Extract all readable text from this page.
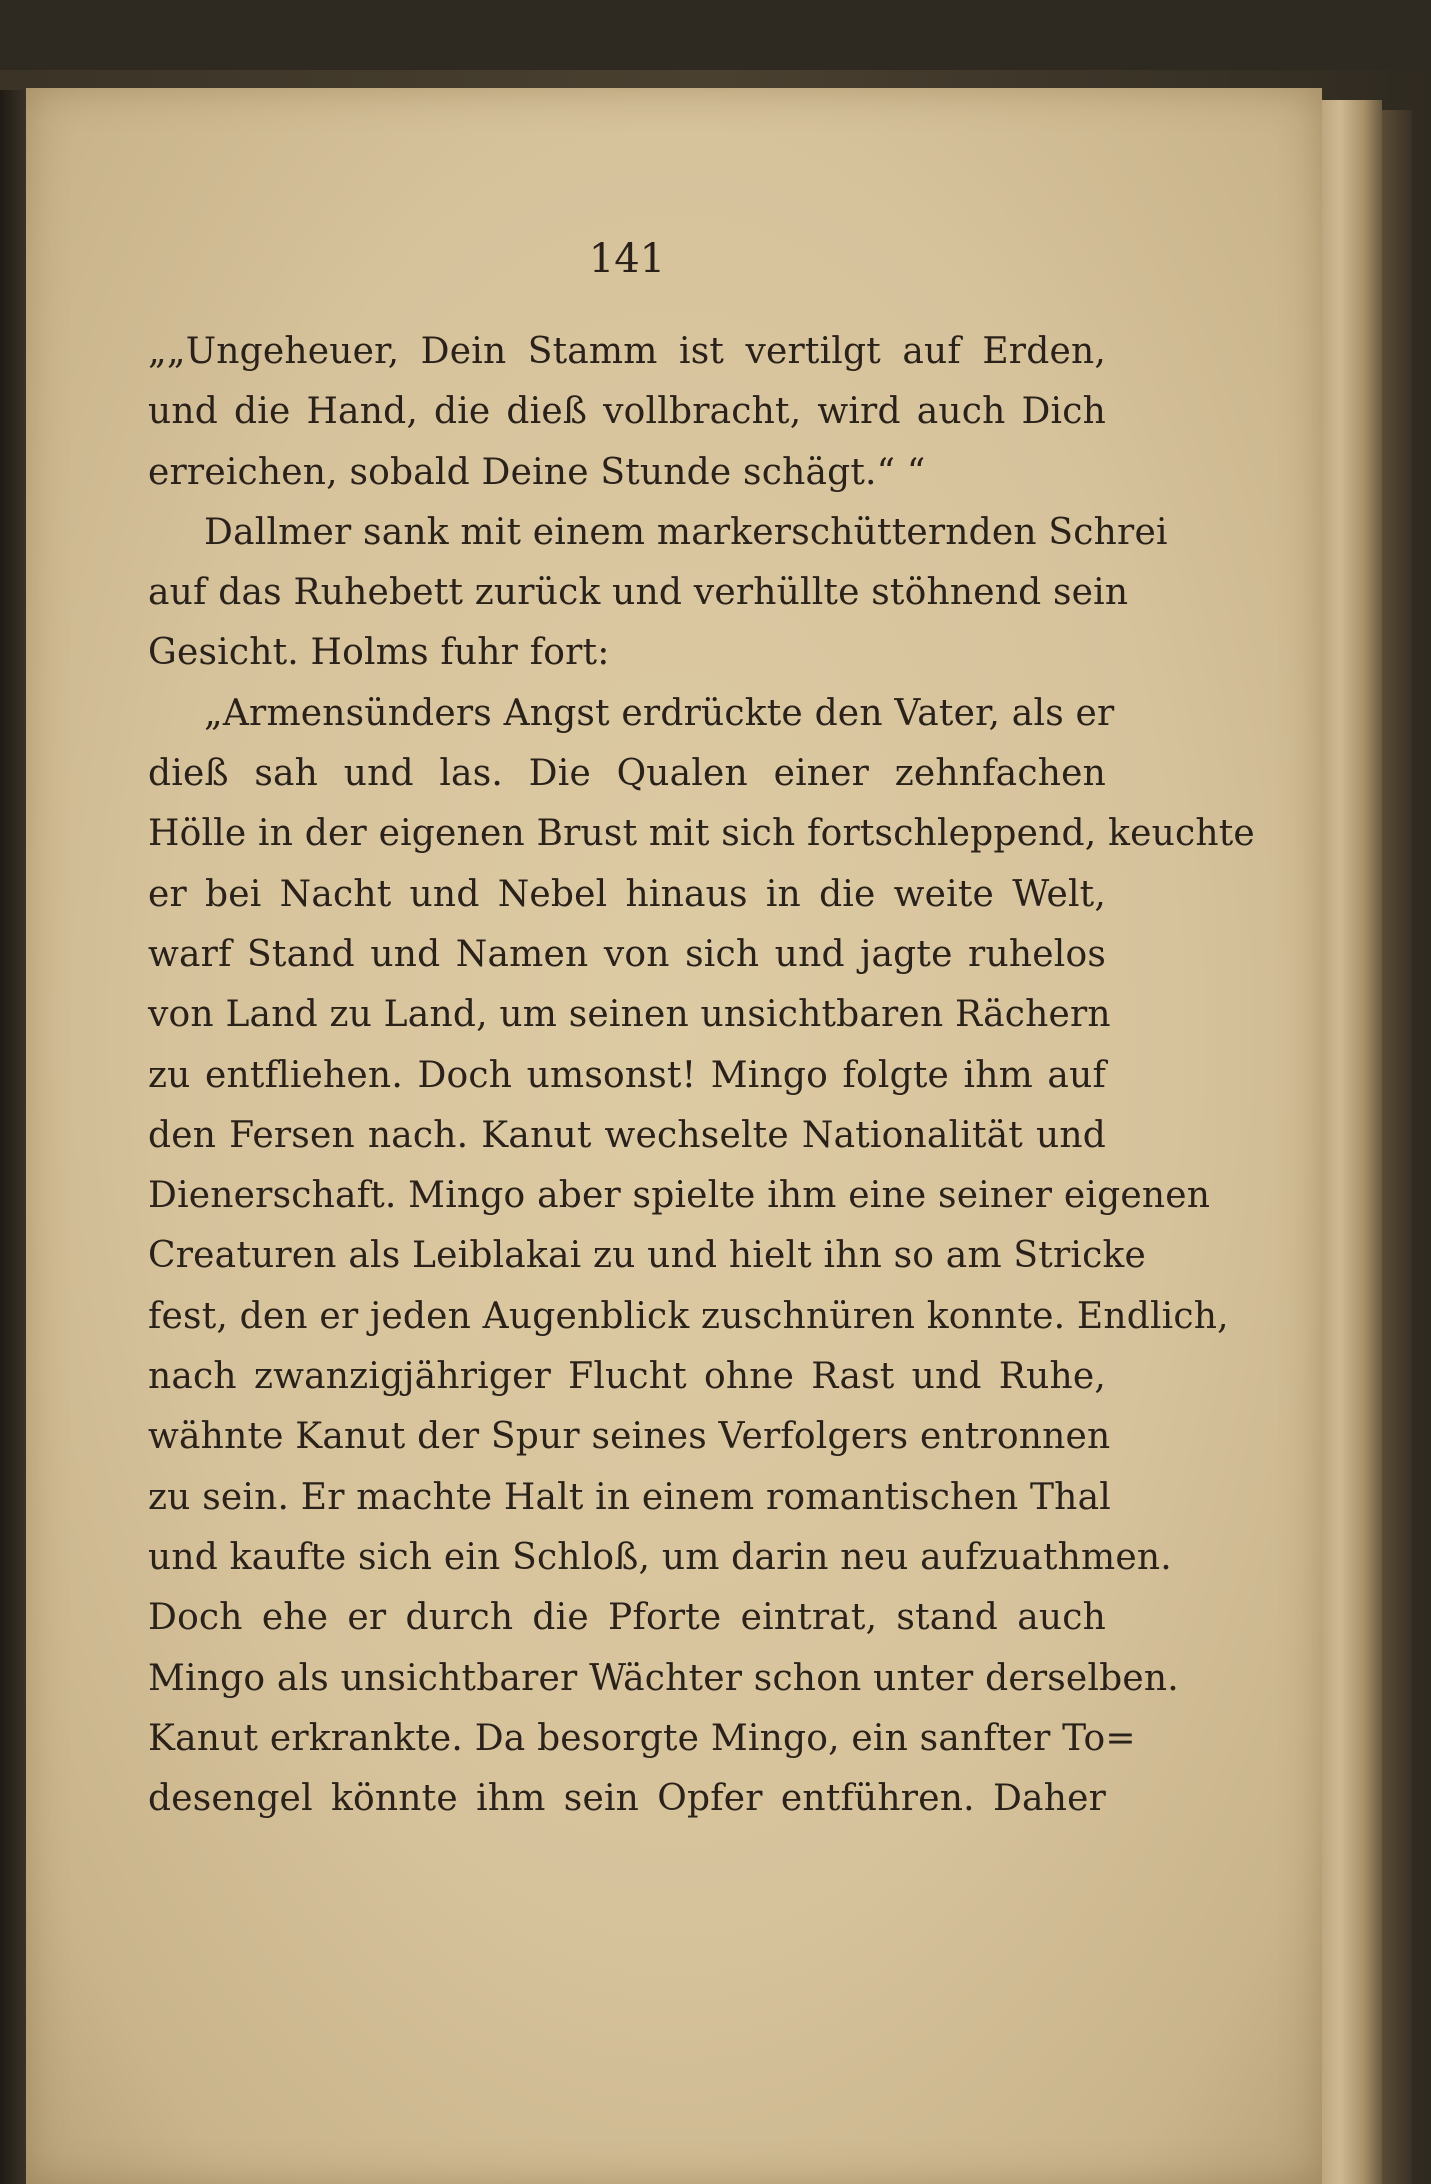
141
„„Ungeheuer, Dein Stamm ist vertilgt auf Erden,
und die Hand, die dieß vollbracht, wird auch Dich
erreichen, sobald Deine Stunde schägt.“ “
Dallmer sank mit einem markerschütternden Schrei
auf das Ruhebett zurück und verhüllte stöhnend sein
Gesicht. Holms fuhr fort:
„Armensünders Angst erdrückte den Vater, als er
dieß sah und las. Die Qualen einer zehnfachen
Hölle in der eigenen Brust mit sich fortschleppend, keuchte
er bei Nacht und Nebel hinaus in die weite Welt,
warf Stand und Namen von sich und jagte ruhelos
von Land zu Land, um seinen unsichtbaren Rächern
zu entfliehen. Doch umsonst! Mingo folgte ihm auf
den Fersen nach. Kanut wechselte Nationalität und
Dienerschaft. Mingo aber spielte ihm eine seiner eigenen
Creaturen als Leiblakai zu und hielt ihn so am Stricke
fest, den er jeden Augenblick zuschnüren konnte. Endlich,
nach zwanzigjähriger Flucht ohne Rast und Ruhe,
wähnte Kanut der Spur seines Verfolgers entronnen
zu sein. Er machte Halt in einem romantischen Thal
und kaufte sich ein Schloß, um darin neu aufzuathmen.
Doch ehe er durch die Pforte eintrat, stand auch
Mingo als unsichtbarer Wächter schon unter derselben.
Kanut erkrankte. Da besorgte Mingo, ein sanfter To=
desengel könnte ihm sein Opfer entführen. Daher
